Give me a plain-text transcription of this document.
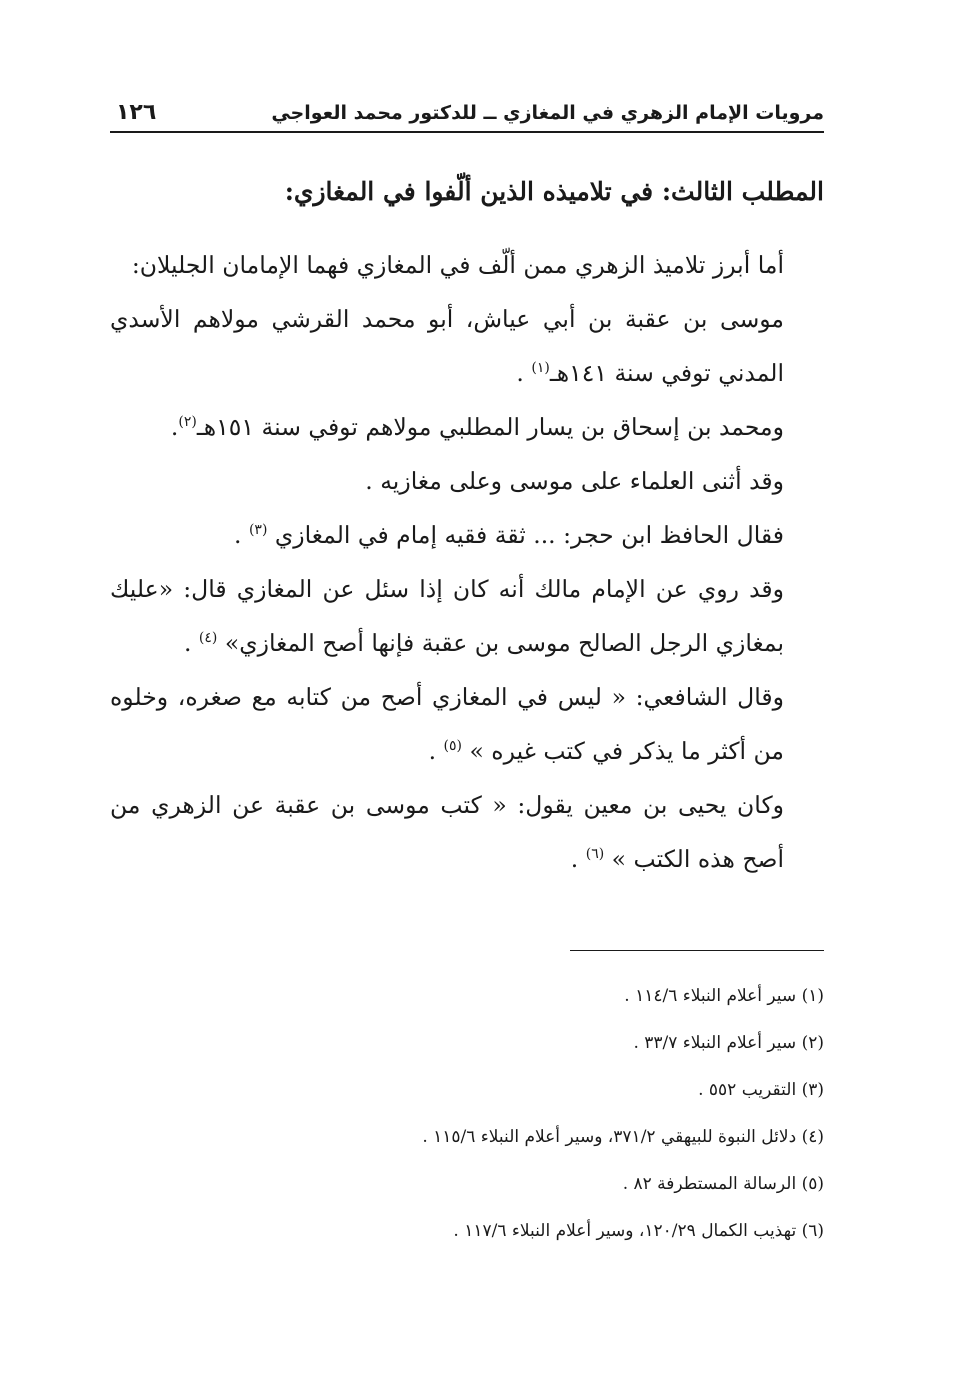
مرويات الإمام الزهري في المغازي ــ للدكتور محمد العواجي
١٢٦
المطلب الثالث: في تلاميذه الذين ألّفوا في المغازي:

أما أبرز تلاميذ الزهري ممن ألّف في المغازي فهما الإمامان الجليلان:

موسى بن عقبة بن أبي عياش، أبو محمد القرشي مولاهم الأسدي المدني توفي سنة ١٤١هـ$^{(١)}$ .

ومحمد بن إسحاق بن يسار المطلبي مولاهم توفي سنة ١٥١هـ$^{(٢)}$.

وقد أثنى العلماء على موسى وعلى مغازيه .

فقال الحافظ ابن حجر: ... ثقة فقيه إمام في المغازي $^{(٣)}$ .

وقد روي عن الإمام مالك أنه كان إذا سئل عن المغازي قال: «عليك بمغازي الرجل الصالح موسى بن عقبة فإنها أصح المغازي» $^{(٤)}$ .

وقال الشافعي: « ليس في المغازي أصح من كتابه مع صغره، وخلوه من أكثر ما يذكر في كتب غيره » $^{(٥)}$ .

وكان يحيى بن معين يقول: « كتب موسى بن عقبة عن الزهري من أصح هذه الكتب » $^{(٦)}$ .

(١) سير أعلام النبلاء ١١٤/٦ .
(٢) سير أعلام النبلاء ٣٣/٧ .
(٣) التقريب ٥٥٢ .
(٤) دلائل النبوة للبيهقي ٣٧١/٢، وسير أعلام النبلاء ١١٥/٦ .
(٥) الرسالة المستطرفة ٨٢ .
(٦) تهذيب الكمال ١٢٠/٢٩، وسير أعلام النبلاء ١١٧/٦ .
